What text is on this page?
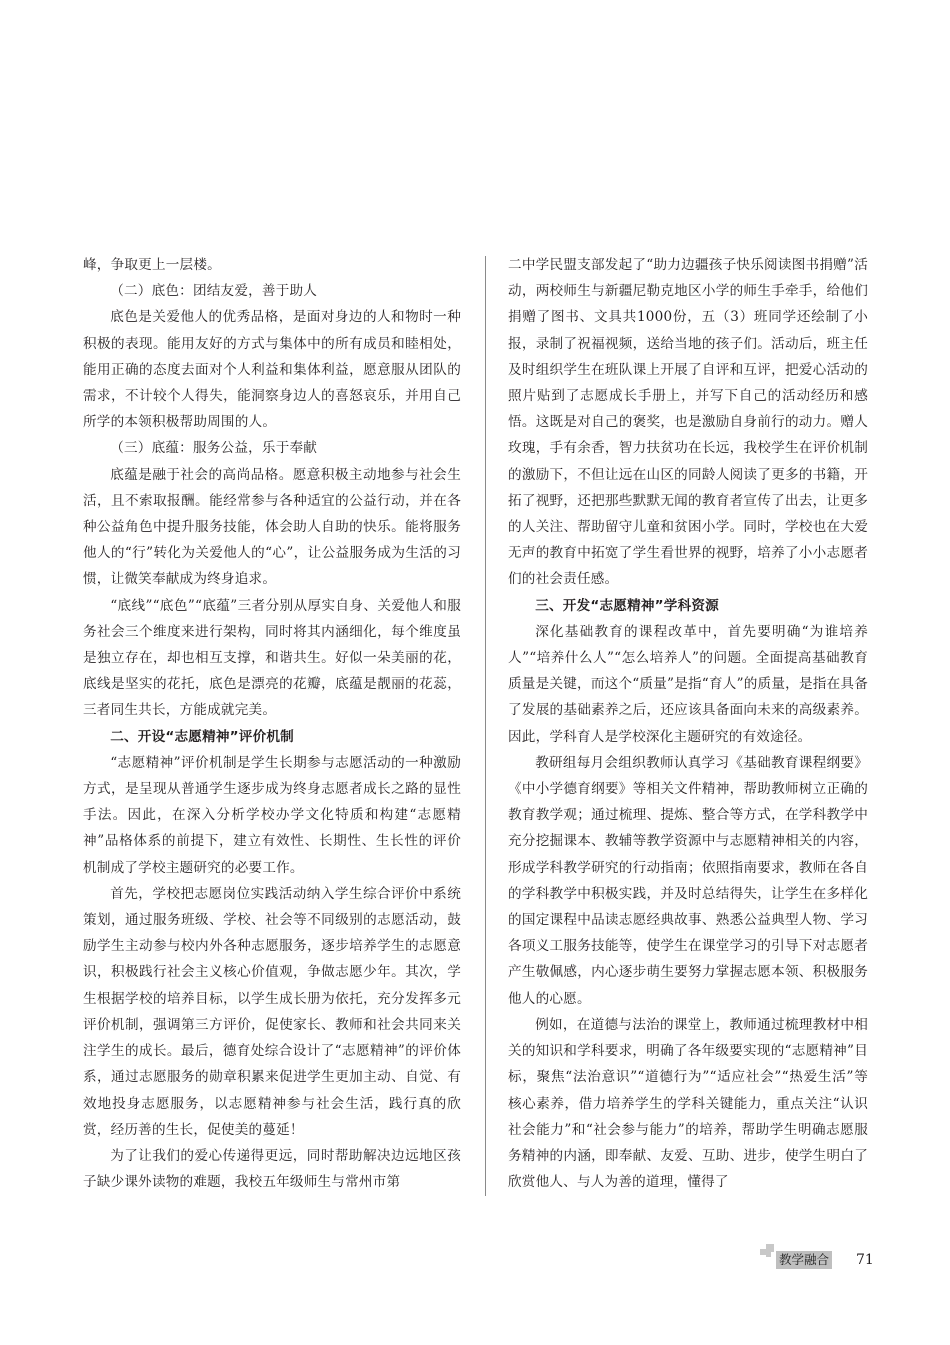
峰，争取更上一层楼。

（二）底色：团结友爱，善于助人

底色是关爱他人的优秀品格，是面对身边的人和物时一种积极的表现。能用友好的方式与集体中的所有成员和睦相处，能用正确的态度去面对个人利益和集体利益，愿意服从团队的需求，不计较个人得失，能洞察身边人的喜怒哀乐，并用自己所学的本领积极帮助周围的人。

（三）底蕴：服务公益，乐于奉献

底蕴是融于社会的高尚品格。愿意积极主动地参与社会生活，且不索取报酬。能经常参与各种适宜的公益行动，并在各种公益角色中提升服务技能，体会助人自助的快乐。能将服务他人的“行”转化为关爱他人的“心”，让公益服务成为生活的习惯，让微笑奉献成为终身追求。

“底线”“底色”“底蕴”三者分别从厚实自身、关爱他人和服务社会三个维度来进行架构，同时将其内涵细化，每个维度虽是独立存在，却也相互支撑，和谐共生。好似一朵美丽的花，底线是坚实的花托，底色是漂亮的花瓣，底蕴是靓丽的花蕊，三者同生共长，方能成就完美。

二、开设“志愿精神”评价机制

“志愿精神”评价机制是学生长期参与志愿活动的一种激励方式，是呈现从普通学生逐步成为终身志愿者成长之路的显性手法。因此，在深入分析学校办学文化特质和构建“志愿精神”品格体系的前提下，建立有效性、长期性、生长性的评价机制成了学校主题研究的必要工作。

首先，学校把志愿岗位实践活动纳入学生综合评价中系统策划，通过服务班级、学校、社会等不同级别的志愿活动，鼓励学生主动参与校内外各种志愿服务，逐步培养学生的志愿意识，积极践行社会主义核心价值观，争做志愿少年。其次，学生根据学校的培养目标，以学生成长册为依托，充分发挥多元评价机制，强调第三方评价，促使家长、教师和社会共同来关注学生的成长。最后，德育处综合设计了“志愿精神”的评价体系，通过志愿服务的勋章积累来促进学生更加主动、自觉、有效地投身志愿服务，以志愿精神参与社会生活，践行真的欣赏，经历善的生长，促使美的蔓延！

为了让我们的爱心传递得更远，同时帮助解决边远地区孩子缺少课外读物的难题，我校五年级师生与常州市第

二中学民盟支部发起了“助力边疆孩子快乐阅读图书捐赠”活动，两校师生与新疆尼勒克地区小学的师生手牵手，给他们捐赠了图书、文具共1000份，五（3）班同学还绘制了小报，录制了祝福视频，送给当地的孩子们。活动后，班主任及时组织学生在班队课上开展了自评和互评，把爱心活动的照片贴到了志愿成长手册上，并写下自己的活动经历和感悟。这既是对自己的褒奖，也是激励自身前行的动力。赠人玫瑰，手有余香，智力扶贫功在长远，我校学生在评价机制的激励下，不但让远在山区的同龄人阅读了更多的书籍，开拓了视野，还把那些默默无闻的教育者宣传了出去，让更多的人关注、帮助留守儿童和贫困小学。同时，学校也在大爱无声的教育中拓宽了学生看世界的视野，培养了小小志愿者们的社会责任感。

三、开发“志愿精神”学科资源

深化基础教育的课程改革中，首先要明确“为谁培养人”“培养什么人”“怎么培养人”的问题。全面提高基础教育质量是关键，而这个“质量”是指“育人”的质量，是指在具备了发展的基础素养之后，还应该具备面向未来的高级素养。因此，学科育人是学校深化主题研究的有效途径。

教研组每月会组织教师认真学习《基础教育课程纲要》《中小学德育纲要》等相关文件精神，帮助教师树立正确的教育教学观；通过梳理、提炼、整合等方式，在学科教学中充分挖掘课本、教辅等教学资源中与志愿精神相关的内容，形成学科教学研究的行动指南；依照指南要求，教师在各自的学科教学中积极实践，并及时总结得失，让学生在多样化的国定课程中品读志愿经典故事、熟悉公益典型人物、学习各项义工服务技能等，使学生在课堂学习的引导下对志愿者产生敬佩感，内心逐步萌生要努力掌握志愿本领、积极服务他人的心愿。

例如，在道德与法治的课堂上，教师通过梳理教材中相关的知识和学科要求，明确了各年级要实现的“志愿精神”目标，聚焦“法治意识”“道德行为”“适应社会”“热爱生活”等核心素养，借力培养学生的学科关键能力，重点关注“认识社会能力”和“社会参与能力”的培养，帮助学生明确志愿服务精神的内涵，即奉献、友爱、互助、进步，使学生明白了欣赏他人、与人为善的道理，懂得了

教学融合 71
